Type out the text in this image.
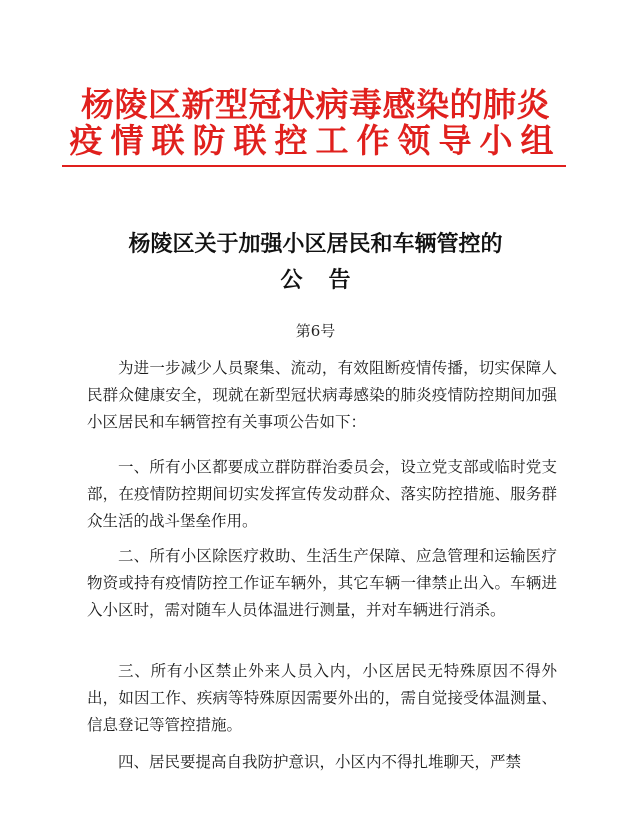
杨陵区新型冠状病毒感染的肺炎
疫情联防联控工作领导小组
杨陵区关于加强小区居民和车辆管控的
公告
第6号

为进一步减少人员聚集、流动，有效阻断疫情传播，切实保障人民群众健康安全，现就在新型冠状病毒感染的肺炎疫情防控期间加强小区居民和车辆管控有关事项公告如下：

一、所有小区都要成立群防群治委员会，设立党支部或临时党支部，在疫情防控期间切实发挥宣传发动群众、落实防控措施、服务群众生活的战斗堡垒作用。

二、所有小区除医疗救助、生活生产保障、应急管理和运输医疗物资或持有疫情防控工作证车辆外，其它车辆一律禁止出入。车辆进入小区时，需对随车人员体温进行测量，并对车辆进行消杀。

三、所有小区禁止外来人员入内，小区居民无特殊原因不得外出，如因工作、疾病等特殊原因需要外出的，需自觉接受体温测量、信息登记等管控措施。

四、居民要提高自我防护意识，小区内不得扎堆聊天，严禁
